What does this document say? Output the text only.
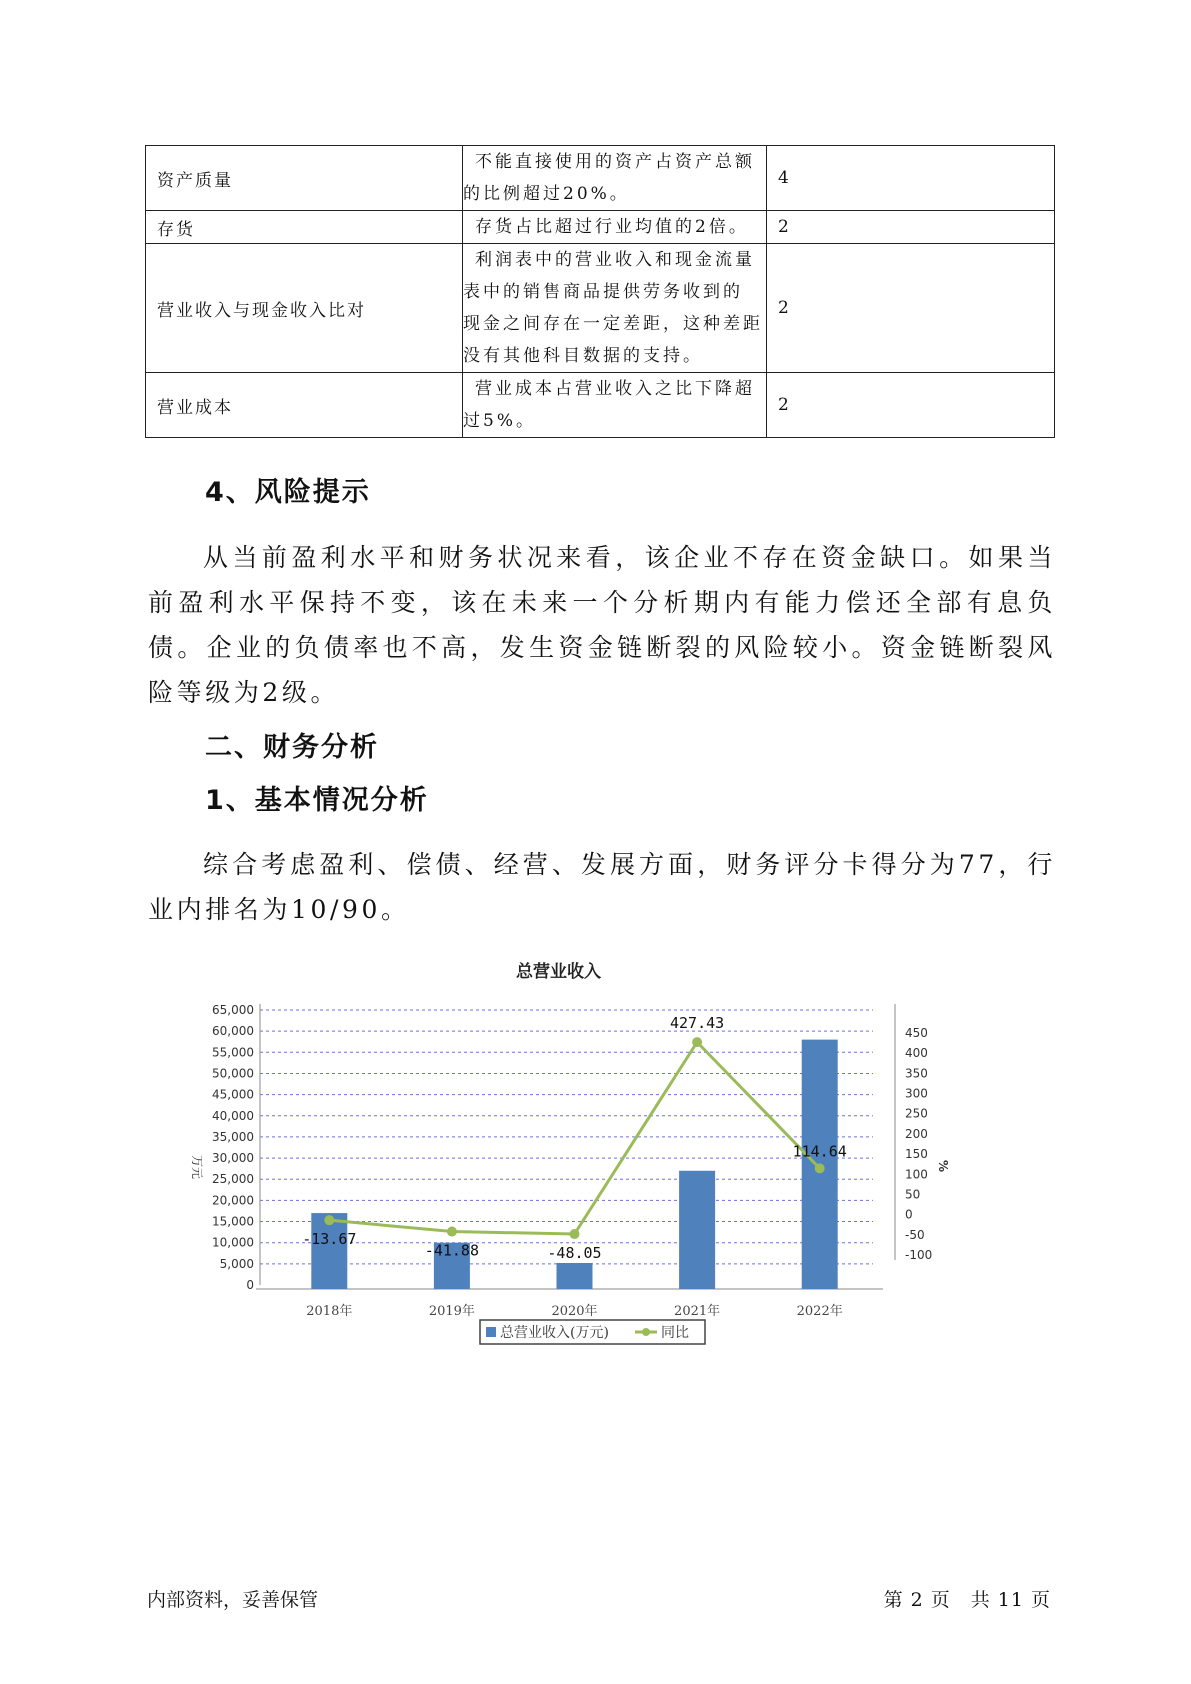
资产质量	不能直接使用的资产占资产总额
的比例超过20%。	4
存货	存货占比超过行业均值的2倍。	2
营业收入与现金收入比对	利润表中的营业收入和现金流量
表中的销售商品提供劳务收到的
现金之间存在一定差距，这种差距
没有其他科目数据的支持。	2
营业成本	营业成本占营业收入之比下降超
过5%。	2
4、风险提示

从当前盈利水平和财务状况来看，该企业不存在资金缺口。如果当前盈利水平保持不变，该在未来一个分析期内有能力偿还全部有息负债。企业的负债率也不高，发生资金链断裂的风险较小。资金链断裂风险等级为2级。

二、财务分析
1、基本情况分析

综合考虑盈利、偿债、经营、发展方面，财务评分卡得分为77，行业内排名为10/90。

总营业收入
0
5,000
10,000
15,000
20,000
25,000
30,000
35,000
40,000
45,000
50,000
55,000
60,000
65,000
-100
-50
0
50
100
150
200
250
300
350
400
450
万元	%
2018年	2019年	2020年	2021年	2022年
-13.67
-41.88	-48.05
427.43
114.64
总营业收入(万元)	同比
内部资料，妥善保管	第 2 页　共 11 页
